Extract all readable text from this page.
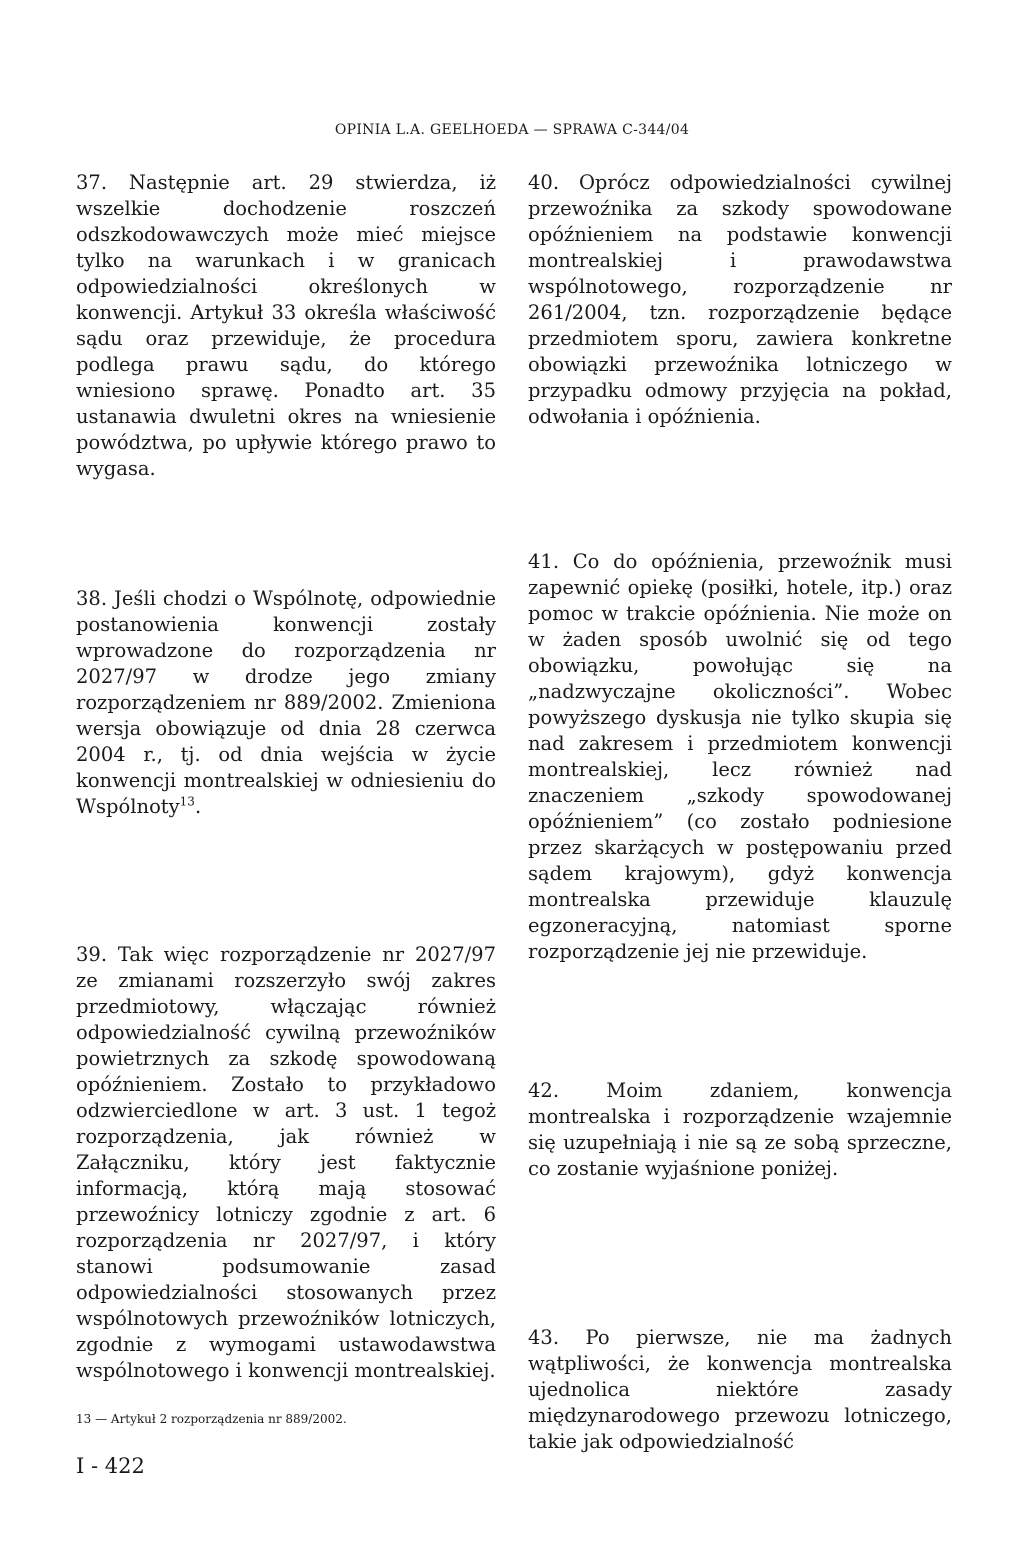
OPINIA L.A. GEELHOEDA — SPRAWA C-344/04

37. Następnie art. 29 stwierdza, iż wszelkie dochodzenie roszczeń odszkodowawczych może mieć miejsce tylko na warunkach i w granicach odpowiedzialności określonych w konwencji. Artykuł 33 określa właściwość sądu oraz przewiduje, że procedura podlega prawu sądu, do którego wniesiono sprawę. Ponadto art. 35 ustanawia dwuletni okres na wniesienie powództwa, po upływie którego prawo to wygasa.

38. Jeśli chodzi o Wspólnotę, odpowiednie postanowienia konwencji zostały wprowadzone do rozporządzenia nr 2027/97 w drodze jego zmiany rozporządzeniem nr 889/2002. Zmieniona wersja obowiązuje od dnia 28 czerwca 2004 r., tj. od dnia wejścia w życie konwencji montrealskiej w odniesieniu do Wspólnoty$^{13}$.

39. Tak więc rozporządzenie nr 2027/97 ze zmianami rozszerzyło swój zakres przedmiotowy, włączając również odpowiedzialność cywilną przewoźników powietrznych za szkodę spowodowaną opóźnieniem. Zostało to przykładowo odzwierciedlone w art. 3 ust. 1 tegoż rozporządzenia, jak również w Załączniku, który jest faktycznie informacją, którą mają stosować przewoźnicy lotniczy zgodnie z art. 6 rozporządzenia nr 2027/97, i który stanowi podsumowanie zasad odpowiedzialności stosowanych przez wspólnotowych przewoźników lotniczych, zgodnie z wymogami ustawodawstwa wspólnotowego i konwencji montrealskiej.

40. Oprócz odpowiedzialności cywilnej przewoźnika za szkody spowodowane opóźnieniem na podstawie konwencji montrealskiej i prawodawstwa wspólnotowego, rozporządzenie nr 261/2004, tzn. rozporządzenie będące przedmiotem sporu, zawiera konkretne obowiązki przewoźnika lotniczego w przypadku odmowy przyjęcia na pokład, odwołania i opóźnienia.

41. Co do opóźnienia, przewoźnik musi zapewnić opiekę (posiłki, hotele, itp.) oraz pomoc w trakcie opóźnienia. Nie może on w żaden sposób uwolnić się od tego obowiązku, powołując się na „nadzwyczajne okoliczności”. Wobec powyższego dyskusja nie tylko skupia się nad zakresem i przedmiotem konwencji montrealskiej, lecz również nad znaczeniem „szkody spowodowanej opóźnieniem” (co zostało podniesione przez skarżących w postępowaniu przed sądem krajowym), gdyż konwencja montrealska przewiduje klauzulę egzoneracyjną, natomiast sporne rozporządzenie jej nie przewiduje.

42. Moim zdaniem, konwencja montrealska i rozporządzenie wzajemnie się uzupełniają i nie są ze sobą sprzeczne, co zostanie wyjaśnione poniżej.

43. Po pierwsze, nie ma żadnych wątpliwości, że konwencja montrealska ujednolica niektóre zasady międzynarodowego przewozu lotniczego, takie jak odpowiedzialność

13 — Artykuł 2 rozporządzenia nr 889/2002.
I - 422
